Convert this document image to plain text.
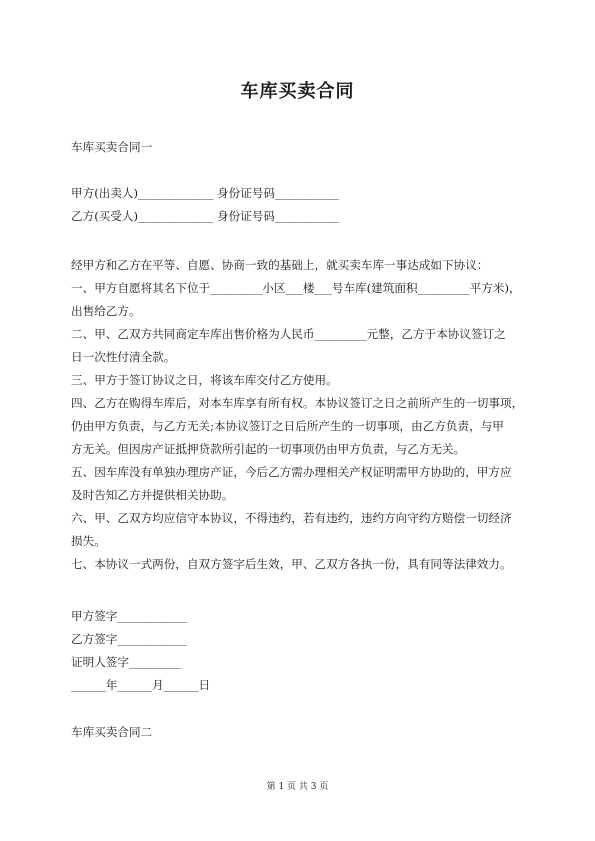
车库买卖合同
车库买卖合同一
甲方(出卖人)_____________ 身份证号码___________
乙方(买受人)_____________ 身份证号码___________
经甲方和乙方在平等、自愿、协商一致的基础上，就买卖车库一事达成如下协议：
一、甲方自愿将其名下位于_________小区___楼___号车库(建筑面积_________平方米)，
出售给乙方。
二、甲、乙双方共同商定车库出售价格为人民币_________元整，乙方于本协议签订之
日一次性付清全款。
三、甲方于签订协议之日，将该车库交付乙方使用。
四、乙方在购得车库后，对本车库享有所有权。本协议签订之日之前所产生的一切事项，
仍由甲方负责，与乙方无关;本协议签订之日后所产生的一切事项，由乙方负责，与甲
方无关。但因房产证抵押贷款所引起的一切事项仍由甲方负责，与乙方无关。
五、因车库没有单独办理房产证，今后乙方需办理相关产权证明需甲方协助的，甲方应
及时告知乙方并提供相关协助。
六、甲、乙双方均应信守本协议，不得违约，若有违约，违约方向守约方赔偿一切经济
损失。
七、本协议一式两份，自双方签字后生效，甲、乙双方各执一份，具有同等法律效力。
甲方签字____________
乙方签字____________
证明人签字_________
______年______月______日
车库买卖合同二
第 1 页 共 3 页
